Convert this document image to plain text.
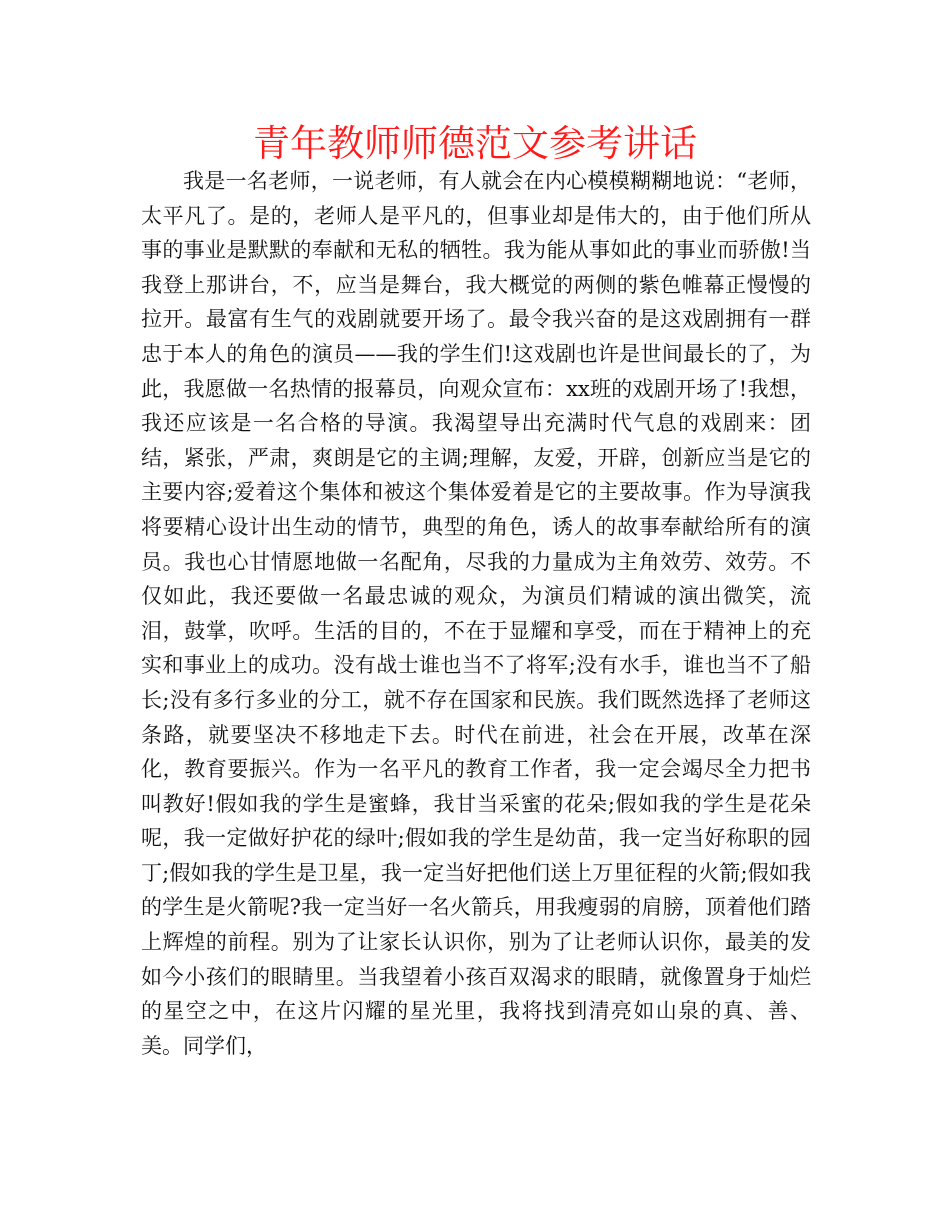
青年教师师德范文参考讲话

我是一名老师，一说老师，有人就会在内心模模糊糊地说：“老师，太平凡了。是的，老师人是平凡的，但事业却是伟大的，由于他们所从事的事业是默默的奉献和无私的牺牲。我为能从事如此的事业而骄傲!当我登上那讲台，不，应当是舞台，我大概觉的两侧的紫色帷幕正慢慢的拉开。最富有生气的戏剧就要开场了。最令我兴奋的是这戏剧拥有一群忠于本人的角色的演员——我的学生们!这戏剧也许是世间最长的了，为此，我愿做一名热情的报幕员，向观众宣布：xx班的戏剧开场了!我想，我还应该是一名合格的导演。我渴望导出充满时代气息的戏剧来：团结，紧张，严肃，爽朗是它的主调;理解，友爱，开辟，创新应当是它的主要内容;爱着这个集体和被这个集体爱着是它的主要故事。作为导演我将要精心设计出生动的情节，典型的角色，诱人的故事奉献给所有的演员。我也心甘情愿地做一名配角，尽我的力量成为主角效劳、效劳。不仅如此，我还要做一名最忠诚的观众，为演员们精诚的演出微笑，流泪，鼓掌，吹呼。生活的目的，不在于显耀和享受，而在于精神上的充实和事业上的成功。没有战士谁也当不了将军;没有水手，谁也当不了船长;没有多行多业的分工，就不存在国家和民族。我们既然选择了老师这条路，就要坚决不移地走下去。时代在前进，社会在开展，改革在深化，教育要振兴。作为一名平凡的教育工作者，我一定会竭尽全力把书叫教好!假如我的学生是蜜蜂，我甘当采蜜的花朵;假如我的学生是花朵呢，我一定做好护花的绿叶;假如我的学生是幼苗，我一定当好称职的园丁;假如我的学生是卫星，我一定当好把他们送上万里征程的火箭;假如我的学生是火箭呢?我一定当好一名火箭兵，用我瘦弱的肩膀，顶着他们踏上辉煌的前程。别为了让家长认识你，别为了让老师认识你，最美的发如今小孩们的眼睛里。当我望着小孩百双渴求的眼睛，就像置身于灿烂的星空之中，在这片闪耀的星光里，我将找到清亮如山泉的真、善、美。同学们，
